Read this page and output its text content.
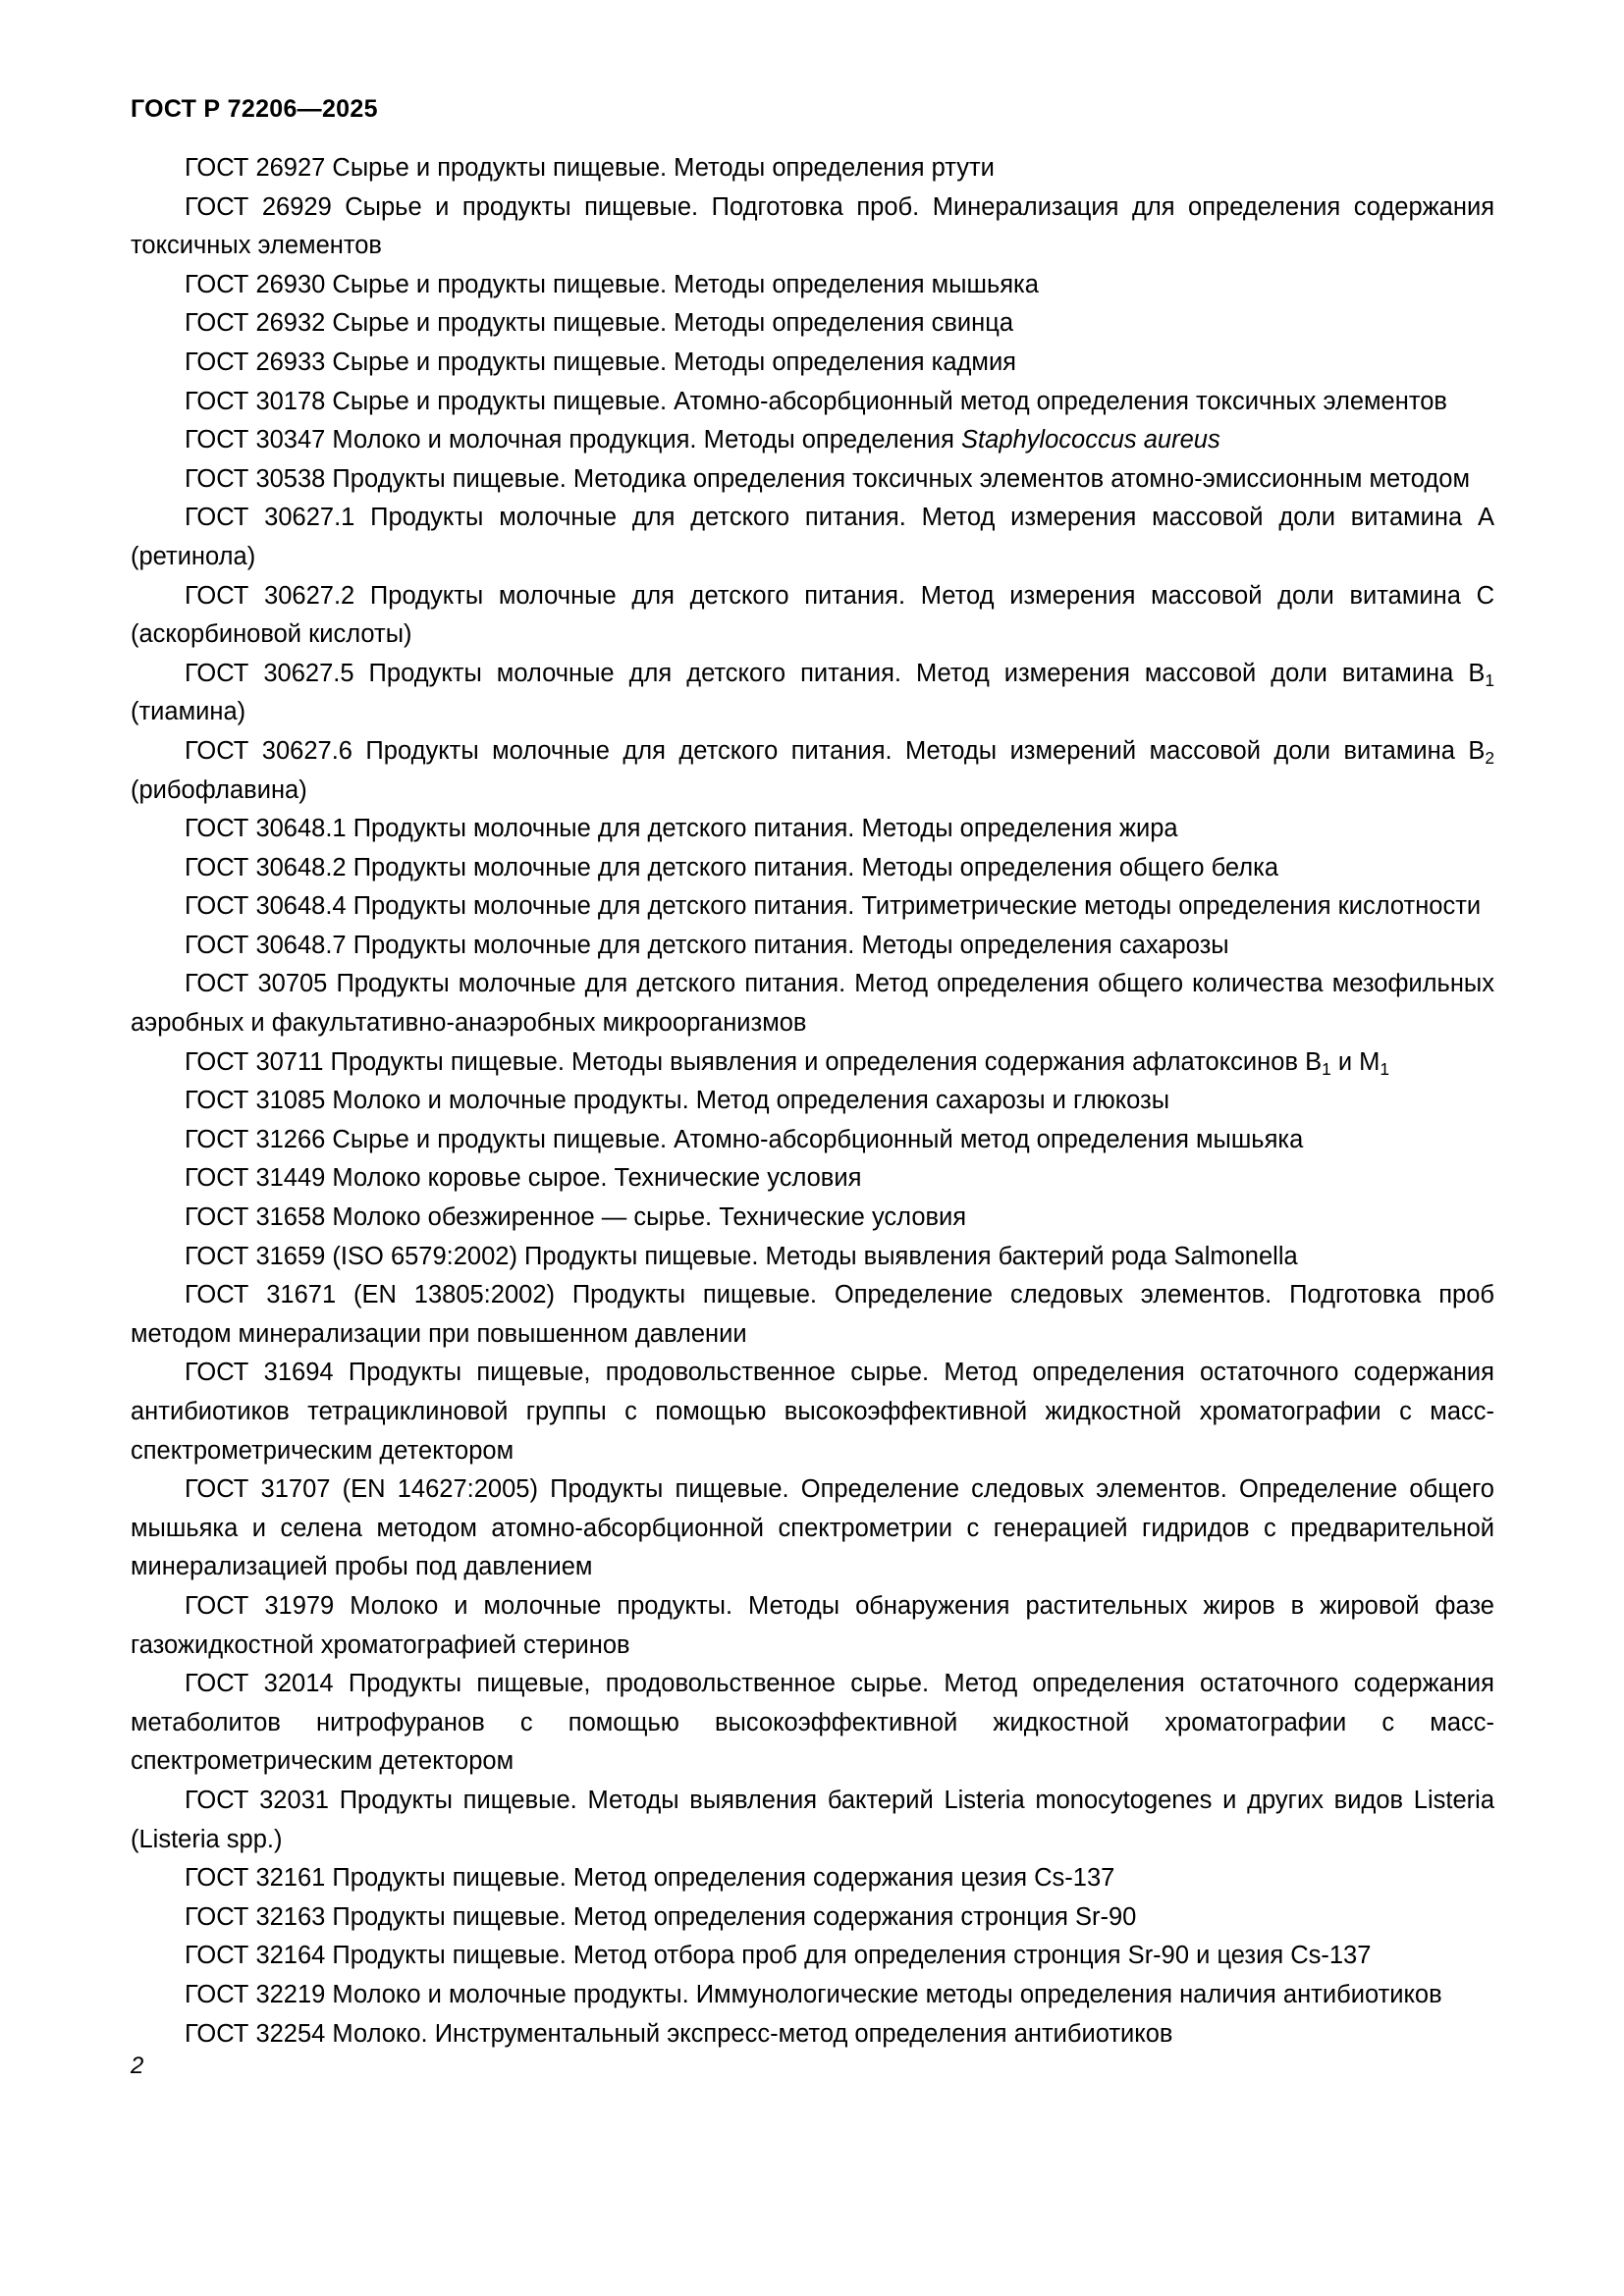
ГОСТ Р 72206—2025

ГОСТ 26927 Сырье и продукты пищевые. Методы определения ртути

ГОСТ 26929 Сырье и продукты пищевые. Подготовка проб. Минерализация для определения содержания токсичных элементов

ГОСТ 26930 Сырье и продукты пищевые. Методы определения мышьяка

ГОСТ 26932 Сырье и продукты пищевые. Методы определения свинца

ГОСТ 26933 Сырье и продукты пищевые. Методы определения кадмия

ГОСТ 30178 Сырье и продукты пищевые. Атомно-абсорбционный метод определения токсичных элементов

ГОСТ 30347 Молоко и молочная продукция. Методы определения Staphylococcus aureus

ГОСТ 30538 Продукты пищевые. Методика определения токсичных элементов атомно-эмиссионным методом

ГОСТ 30627.1 Продукты молочные для детского питания. Метод измерения массовой доли витамина A (ретинола)

ГОСТ 30627.2 Продукты молочные для детского питания. Метод измерения массовой доли витамина C (аскорбиновой кислоты)

ГОСТ 30627.5 Продукты молочные для детского питания. Метод измерения массовой доли витамина $B_1$ (тиамина)

ГОСТ 30627.6 Продукты молочные для детского питания. Методы измерений массовой доли витамина $B_2$ (рибофлавина)

ГОСТ 30648.1 Продукты молочные для детского питания. Методы определения жира

ГОСТ 30648.2 Продукты молочные для детского питания. Методы определения общего белка

ГОСТ 30648.4 Продукты молочные для детского питания. Титриметрические методы определения кислотности

ГОСТ 30648.7 Продукты молочные для детского питания. Методы определения сахарозы

ГОСТ 30705 Продукты молочные для детского питания. Метод определения общего количества мезофильных аэробных и факультативно-анаэробных микроорганизмов

ГОСТ 30711 Продукты пищевые. Методы выявления и определения содержания афлатоксинов $B_1$ и $M_1$

ГОСТ 31085 Молоко и молочные продукты. Метод определения сахарозы и глюкозы

ГОСТ 31266 Сырье и продукты пищевые. Атомно-абсорбционный метод определения мышьяка

ГОСТ 31449 Молоко коровье сырое. Технические условия

ГОСТ 31658 Молоко обезжиренное — сырье. Технические условия

ГОСТ 31659 (ISO 6579:2002) Продукты пищевые. Методы выявления бактерий рода Salmonella

ГОСТ 31671 (EN 13805:2002) Продукты пищевые. Определение следовых элементов. Подготовка проб методом минерализации при повышенном давлении

ГОСТ 31694 Продукты пищевые, продовольственное сырье. Метод определения остаточного содержания антибиотиков тетрациклиновой группы с помощью высокоэффективной жидкостной хроматографии с масс-спектрометрическим детектором

ГОСТ 31707 (EN 14627:2005) Продукты пищевые. Определение следовых элементов. Определение общего мышьяка и селена методом атомно-абсорбционной спектрометрии с генерацией гидридов с предварительной минерализацией пробы под давлением

ГОСТ 31979 Молоко и молочные продукты. Методы обнаружения растительных жиров в жировой фазе газожидкостной хроматографией стеринов

ГОСТ 32014 Продукты пищевые, продовольственное сырье. Метод определения остаточного содержания метаболитов нитрофуранов с помощью высокоэффективной жидкостной хроматографии с масс-спектрометрическим детектором

ГОСТ 32031 Продукты пищевые. Методы выявления бактерий Listeria monocytogenes и других видов Listeria (Listeria spp.)

ГОСТ 32161 Продукты пищевые. Метод определения содержания цезия Cs-137

ГОСТ 32163 Продукты пищевые. Метод определения содержания стронция Sr-90

ГОСТ 32164 Продукты пищевые. Метод отбора проб для определения стронция Sr-90 и цезия Cs-137

ГОСТ 32219 Молоко и молочные продукты. Иммунологические методы определения наличия антибиотиков

ГОСТ 32254 Молоко. Инструментальный экспресс-метод определения антибиотиков

2
